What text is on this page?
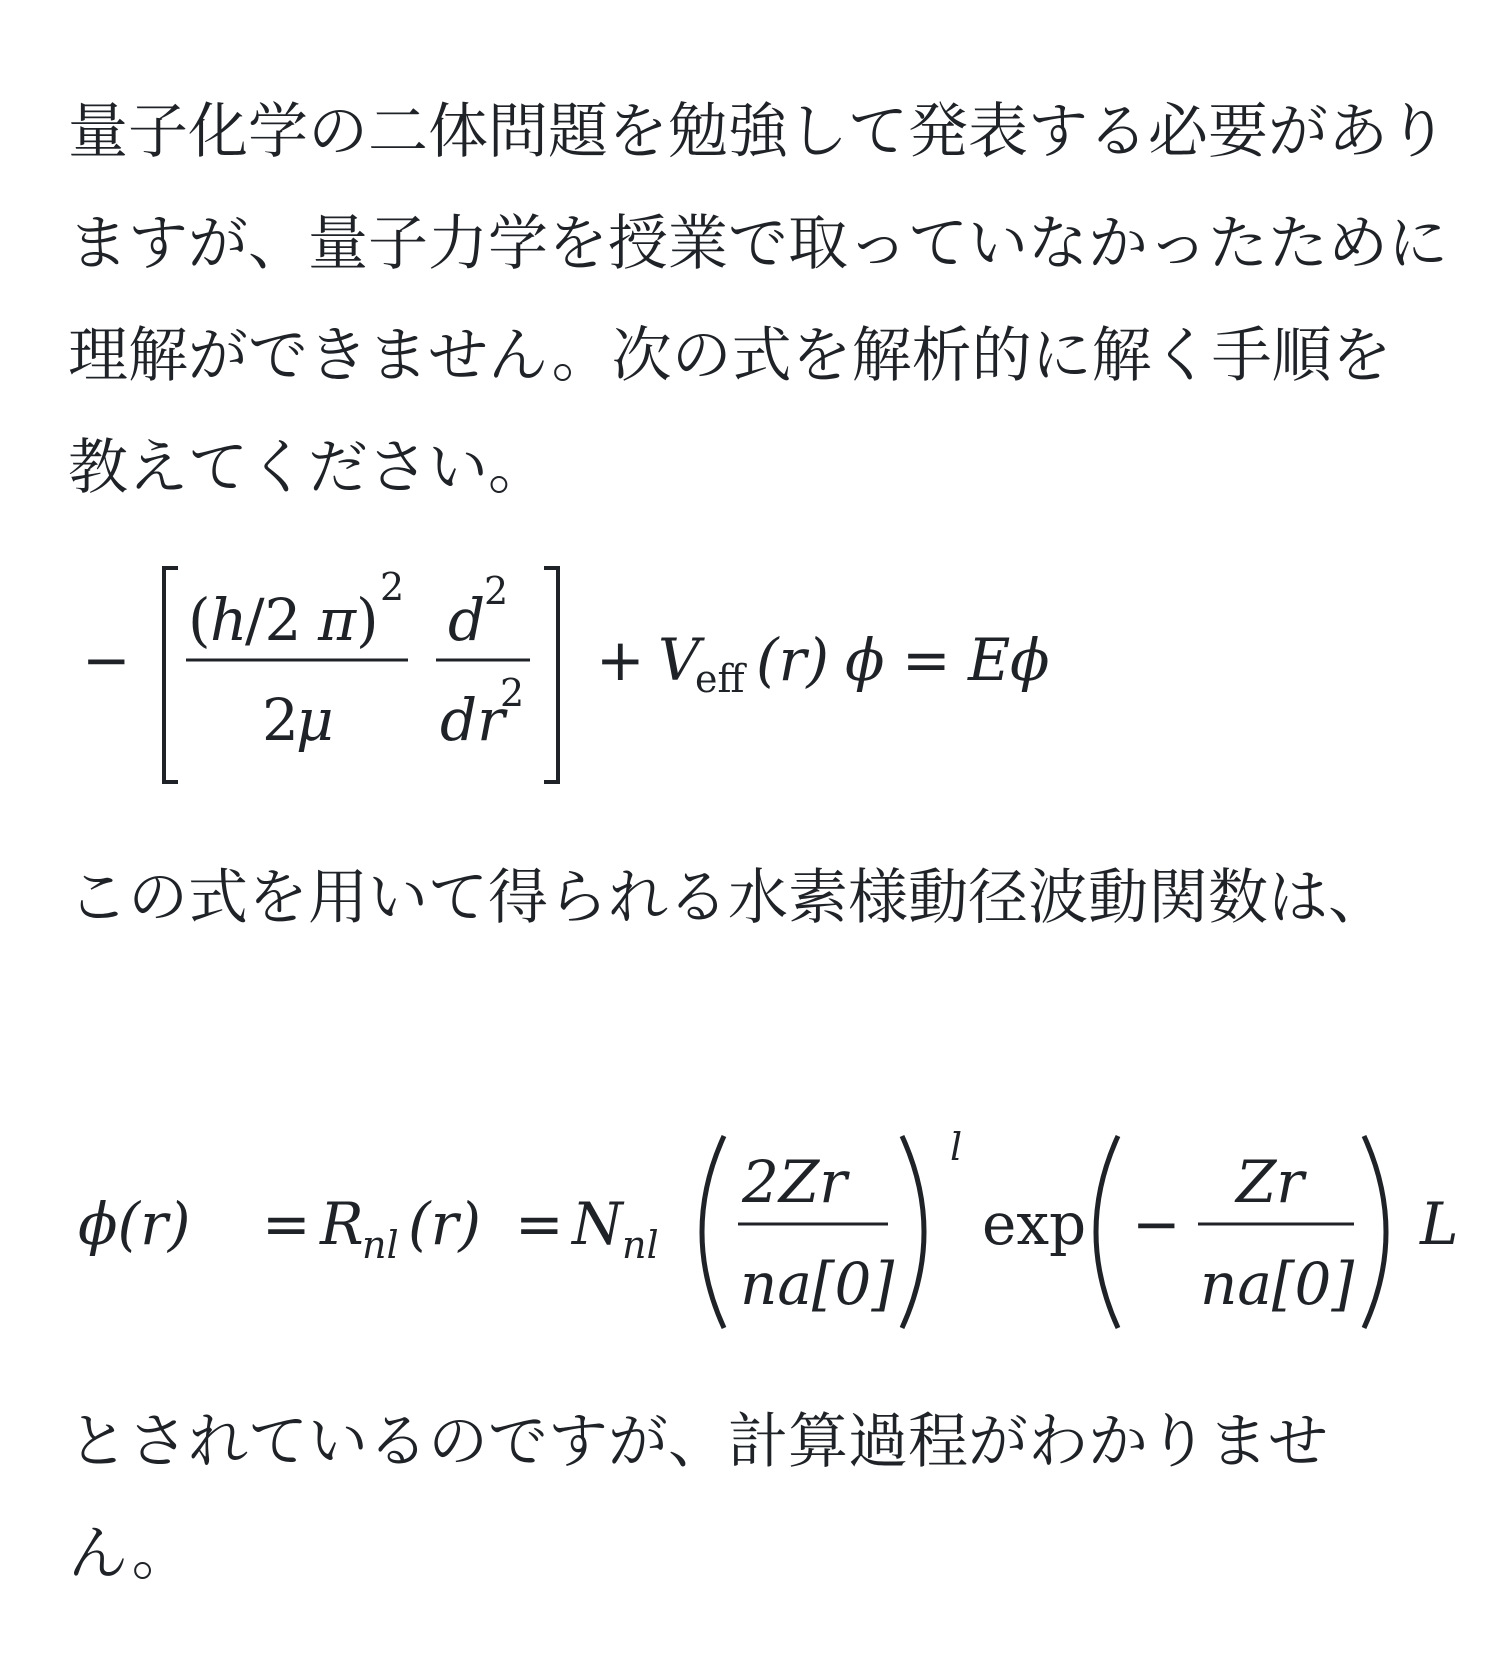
量子化学の二体問題を勉強して発表する必要がありますが、量子力学を授業で取っていなかったために理解ができません。次の式を解析的に解く手順を教えてください。

−
( h
/2 π ) 2
2
μ
d
2
dr
2 + V
eff (r) ϕ = E ϕ

この式を用いて得られる水素様動径波動関数は、

ϕ(r) = R
nl (r) = N nl
2Zr
na[0]
l
exp −
Zr
na[0]
L

とされているのですが、計算過程がわかりません。
